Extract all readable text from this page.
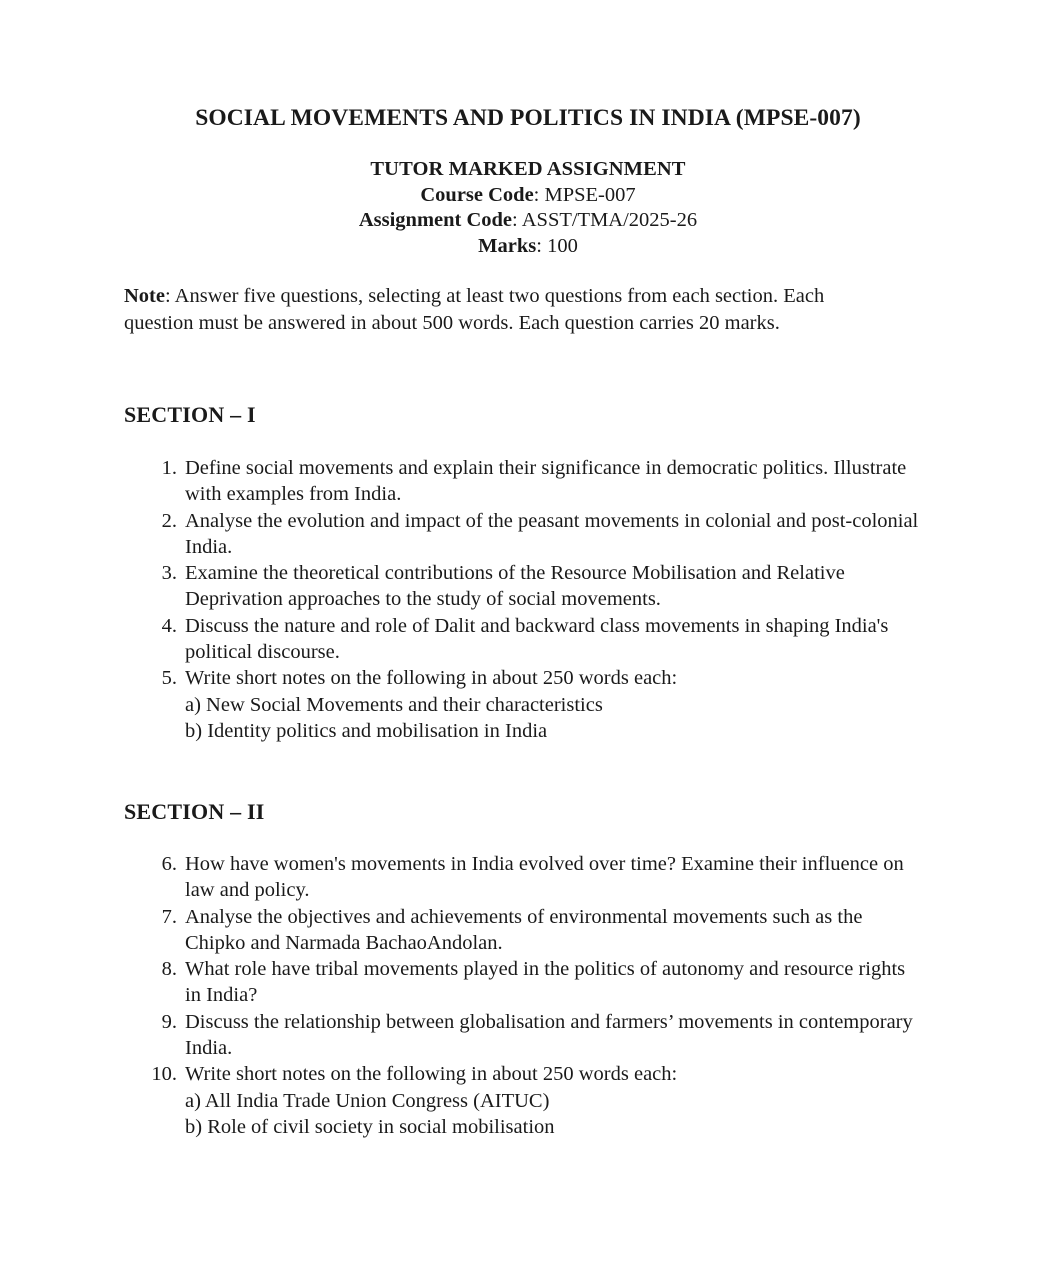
SOCIAL MOVEMENTS AND POLITICS IN INDIA (MPSE-007)
TUTOR MARKED ASSIGNMENT
Course Code: MPSE-007
Assignment Code: ASST/TMA/2025-26
Marks: 100
Note: Answer five questions, selecting at least two questions from each section. Each question must be answered in about 500 words. Each question carries 20 marks.
SECTION – I
1. Define social movements and explain their significance in democratic politics. Illustrate with examples from India.
2. Analyse the evolution and impact of the peasant movements in colonial and post-colonial India.
3. Examine the theoretical contributions of the Resource Mobilisation and Relative Deprivation approaches to the study of social movements.
4. Discuss the nature and role of Dalit and backward class movements in shaping India's political discourse.
5. Write short notes on the following in about 250 words each:
a) New Social Movements and their characteristics
b) Identity politics and mobilisation in India
SECTION – II
6. How have women's movements in India evolved over time? Examine their influence on law and policy.
7. Analyse the objectives and achievements of environmental movements such as the Chipko and Narmada BachaoAndolan.
8. What role have tribal movements played in the politics of autonomy and resource rights in India?
9. Discuss the relationship between globalisation and farmers’ movements in contemporary India.
10. Write short notes on the following in about 250 words each:
a) All India Trade Union Congress (AITUC)
b) Role of civil society in social mobilisation
